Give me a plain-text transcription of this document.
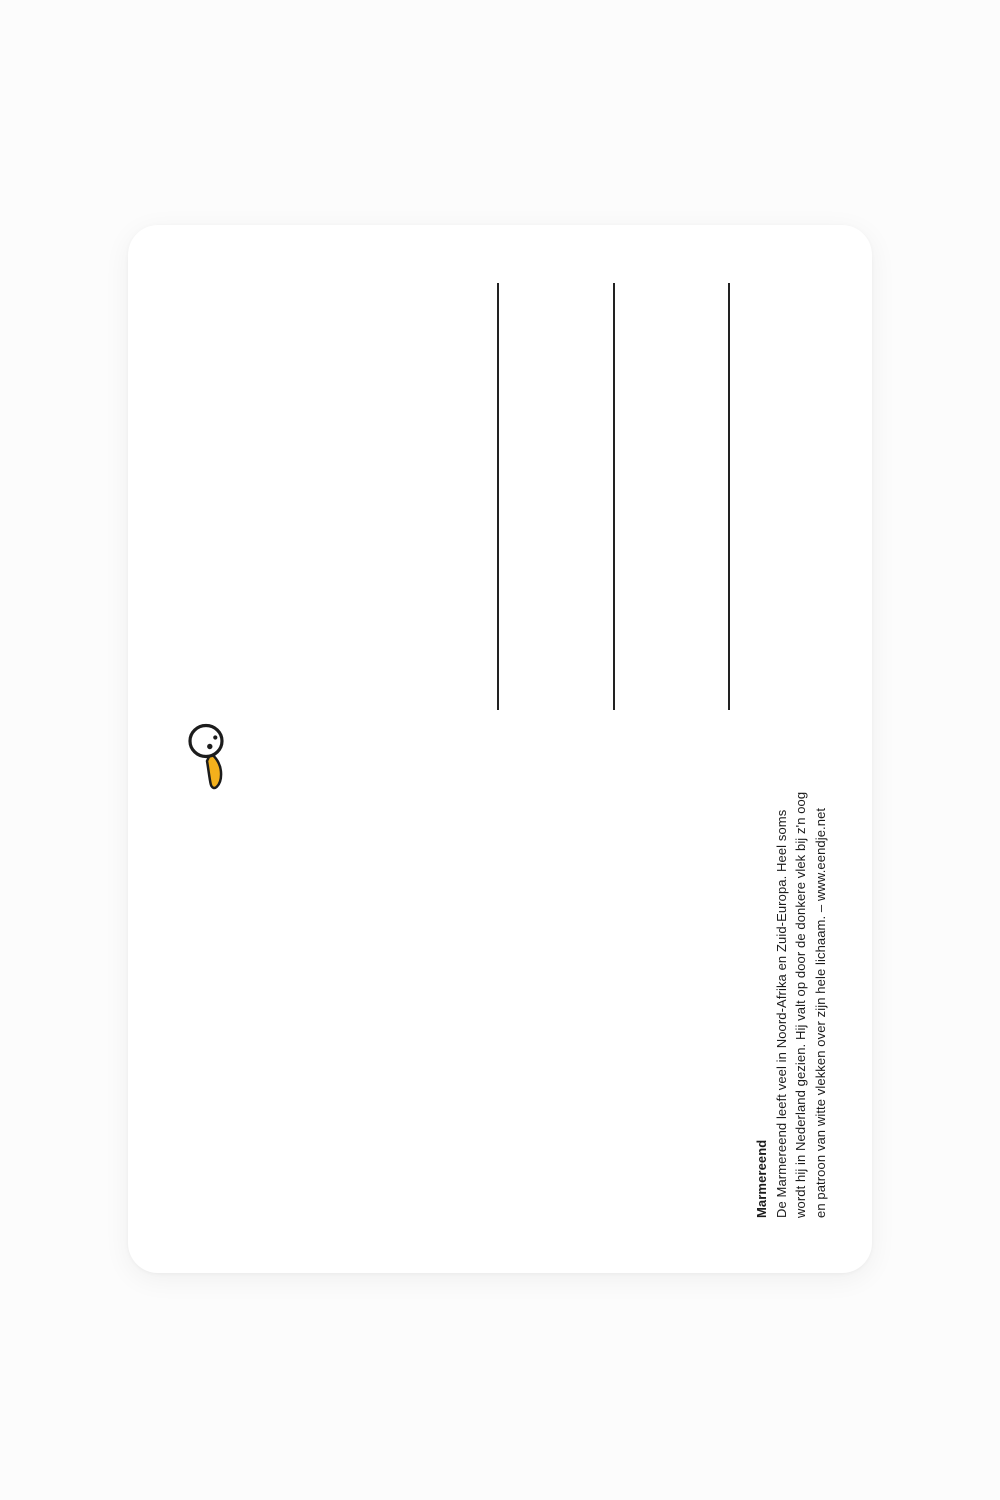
Marmereend De Marmereend leeft veel in Noord-Afrika en Zuid-Europa. Heel soms wordt hij in Nederland gezien. Hij valt op door de donkere vlek bij z'n oog en patroon van witte vlekken over zijn hele lichaam. – www.eendje.net
